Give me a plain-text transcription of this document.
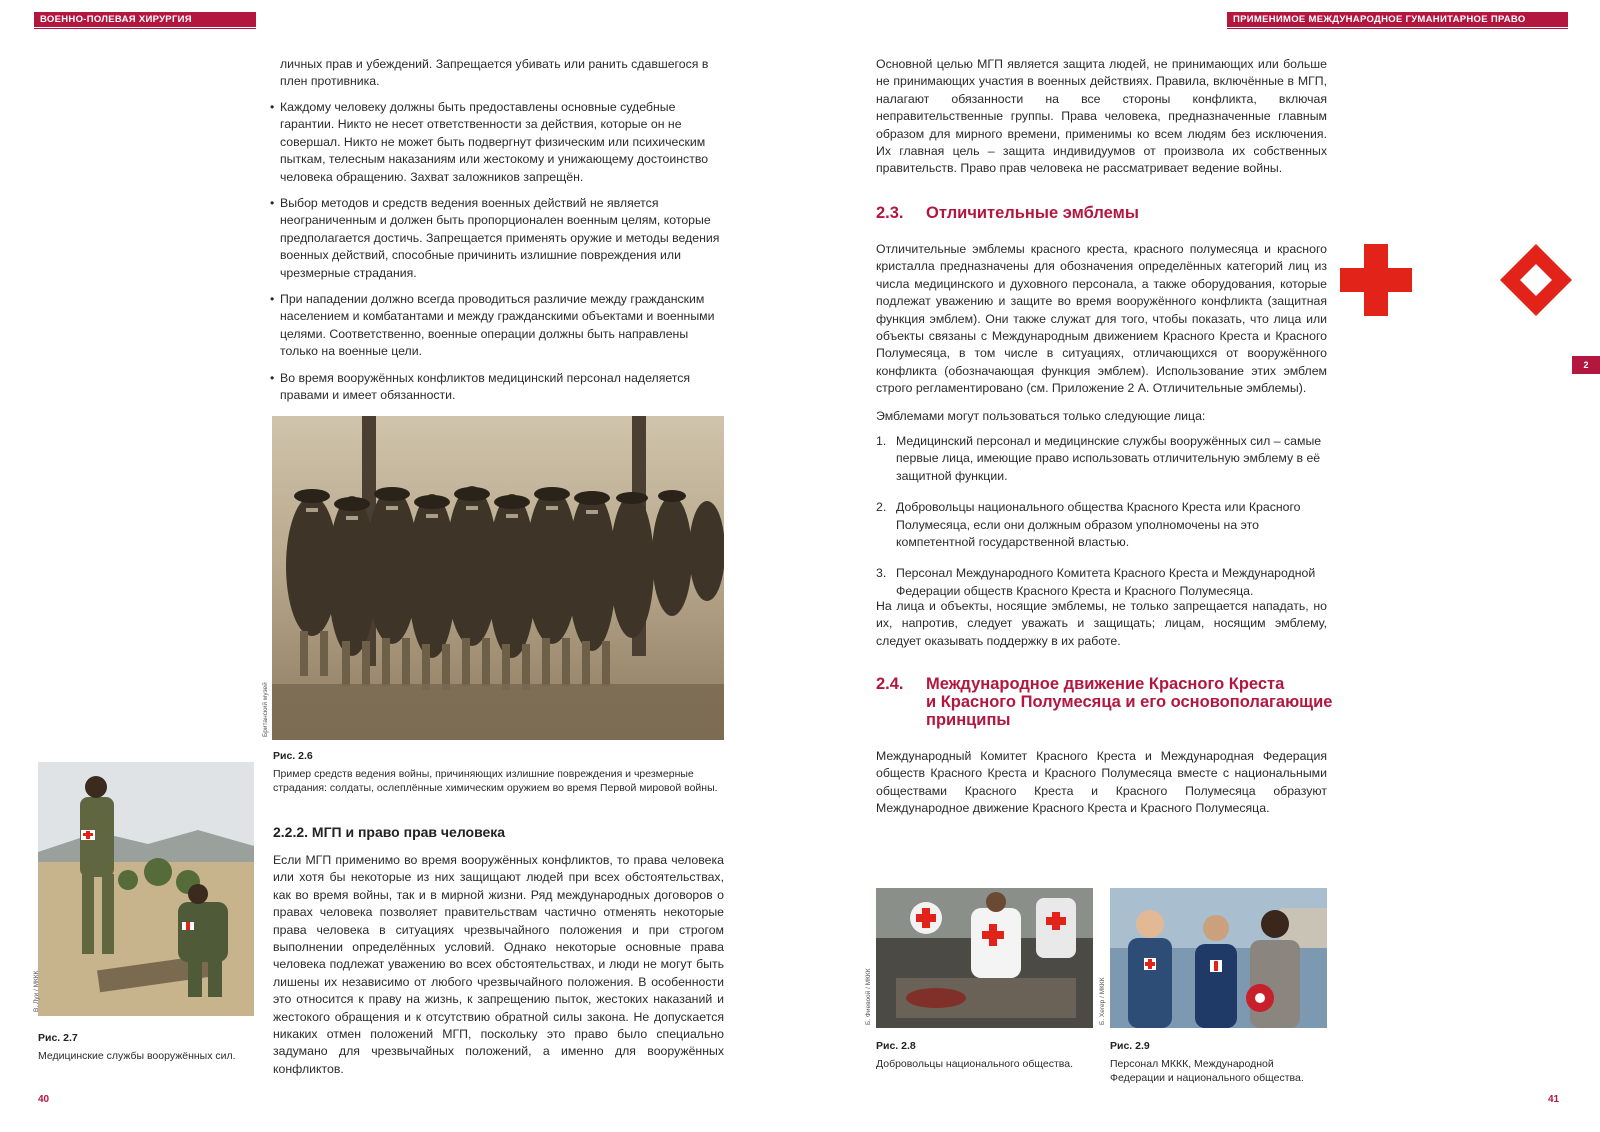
ВОЕННО-ПОЛЕВАЯ ХИРУРГИЯ	ПРИМЕНИМОЕ МЕЖДУНАРОДНОЕ ГУМАНИТАРНОЕ ПРАВО
личных прав и убеждений. Запрещается убивать или ранить сдавшегося в плен противника.
• Каждому человеку должны быть предоставлены основные судебные гарантии. Никто не несет ответственности за действия, которые он не совершал. Никто не может быть подвергнут физическим или психическим пыткам, телесным наказаниям или жестокому и унижающему достоинство человека обращению. Захват заложников запрещён.
• Выбор методов и средств ведения военных действий не является неограниченным и должен быть пропорционален военным целям, которые предполагается достичь. Запрещается применять оружие и методы ведения военных действий, способные причинить излишние повреждения или чрезмерные страдания.
• При нападении должно всегда проводиться различие между гражданским населением и комбатантами и между гражданскими объектами и военными целями. Соответственно, военные операции должны быть направлены только на военные цели.
• Во время вооружённых конфликтов медицинский персонал наделяется правами и имеет обязанности.
Британский музей
Рис. 2.6
Пример средств ведения войны, причиняющих излишние повреждения и чрезмерные страдания: солдаты, ослеплённые химическим оружием во время Первой мировой войны.
В. Луи / МККК
Рис. 2.7
Медицинские службы вооружённых сил.
2.2.2. МГП и право прав человека
Если МГП применимо во время вооружённых конфликтов, то права человека или хотя бы некоторые из них защищают людей при всех обстоятельствах, как во время войны, так и в мирной жизни. Ряд международных договоров о правах человека позволяет правительствам частично отменять некоторые права человека в ситуациях чрезвычайного положения и при строгом выполнении определённых условий. Однако некоторые основные права человека подлежат уважению во всех обстоятельствах, и люди не могут быть лишены их независимо от любого чрезвычайного положения. В особенности это относится к праву на жизнь, к запрещению пыток, жестоких наказаний и жестокого обращения и к отсутствию обратной силы закона. Не допускается никаких отмен положений МГП, поскольку это право было специально задумано для чрезвычайных положений, а именно для вооружённых конфликтов.
40
Основной целью МГП является защита людей, не принимающих или больше не принимающих участия в военных действиях. Правила, включённые в МГП, налагают обязанности на все стороны конфликта, включая неправительственные группы. Права человека, предназначенные главным образом для мирного времени, применимы ко всем людям без исключения. Их главная цель – защита индивидуумов от произвола их собственных правительств. Право прав человека не рассматривает ведение войны.
2.3. Отличительные эмблемы
Отличительные эмблемы красного креста, красного полумесяца и красного кристалла предназначены для обозначения определённых категорий лиц из числа медицинского и духовного персонала, а также оборудования, которые подлежат уважению и защите во время вооружённого конфликта (защитная функция эмблем). Они также служат для того, чтобы показать, что лица или объекты связаны с Международным движением Красного Креста и Красного Полумесяца, в том числе в ситуациях, отличающихся от вооружённого конфликта (обозначающая функция эмблем). Использование этих эмблем строго регламентировано (см. Приложение 2 A. Отличительные эмблемы).
Эмблемами могут пользоваться только следующие лица:
1. Медицинский персонал и медицинские службы вооружённых сил – самые первые лица, имеющие право использовать отличительную эмблему в её защитной функции.
2. Добровольцы национального общества Красного Креста или Красного Полумесяца, если они должным образом уполномочены на это компетентной государственной властью.
3. Персонал Международного Комитета Красного Креста и Международной Федерации обществ Красного Креста и Красного Полумесяца.
На лица и объекты, носящие эмблемы, не только запрещается нападать, но их, напротив, следует уважать и защищать; лицам, носящим эмблему, следует оказывать поддержку в их работе.
2.4. Международное движение Красного Креста
и Красного Полумесяца и его основополагающие
принципы
Международный Комитет Красного Креста и Международная Федерация обществ Красного Креста и Красного Полумесяца вместе с национальными обществами Красного Креста и Красного Полумесяца образуют Международное движение Красного Креста и Красного Полумесяца.
2
Б. Фиевоой / МККК
Рис. 2.8
Добровольцы национального общества.
Б. Хегер / МККК
Рис. 2.9
Персонал МККК, Международной Федерации и национального общества.
41
